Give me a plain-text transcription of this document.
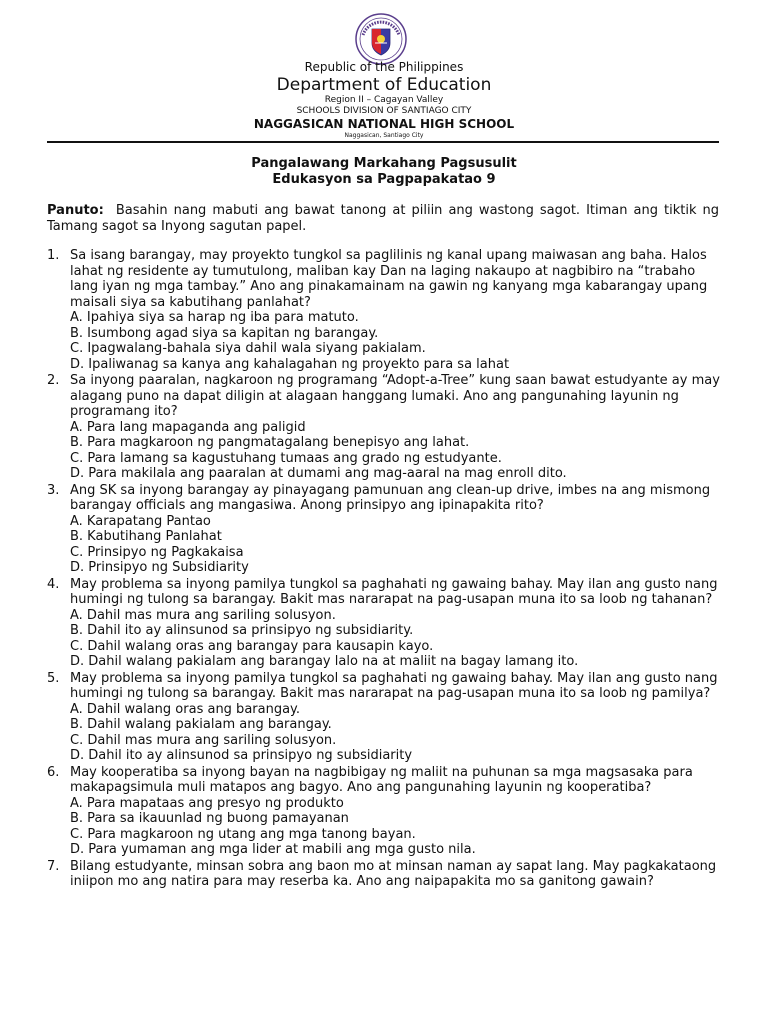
Republic of the Philippines
Department of Education
Region II – Cagayan Valley
SCHOOLS DIVISION OF SANTIAGO CITY
NAGGASICAN NATIONAL HIGH SCHOOL
Naggasican, Santiago City
Pangalawang Markahang Pagsusulit
Edukasyon sa Pagpapakatao 9
Panuto: Basahin nang mabuti ang bawat tanong at piliin ang wastong sagot. Itiman ang tiktik ng Tamang sagot sa Inyong sagutan papel.
1. Sa isang barangay, may proyekto tungkol sa paglilinis ng kanal upang maiwasan ang baha. Halos lahat ng residente ay tumutulong, maliban kay Dan na laging nakaupo at nagbibiro na “trabaho lang iyan ng mga tambay.” Ano ang pinakamainam na gawin ng kanyang mga kabarangay upang maisali siya sa kabutihang panlahat?
A. Ipahiya siya sa harap ng iba para matuto.
B. Isumbong agad siya sa kapitan ng barangay.
C. Ipagwalang-bahala siya dahil wala siyang pakialam.
D. Ipaliwanag sa kanya ang kahalagahan ng proyekto para sa lahat
2. Sa inyong paaralan, nagkaroon ng programang “Adopt-a-Tree” kung saan bawat estudyante ay may alagang puno na dapat diligin at alagaan hanggang lumaki. Ano ang pangunahing layunin ng programang ito?
A. Para lang mapaganda ang paligid
B. Para magkaroon ng pangmatagalang benepisyo ang lahat.
C. Para lamang sa kagustuhang tumaas ang grado ng estudyante.
D. Para makilala ang paaralan at dumami ang mag-aaral na mag enroll dito.
3. Ang SK sa inyong barangay ay pinayagang pamunuan ang clean-up drive, imbes na ang mismong barangay officials ang mangasiwa. Anong prinsipyo ang ipinapakita rito?
A. Karapatang Pantao
B. Kabutihang Panlahat
C. Prinsipyo ng Pagkakaisa
D. Prinsipyo ng Subsidiarity
4. May problema sa inyong pamilya tungkol sa paghahati ng gawaing bahay. May ilan ang gusto nang humingi ng tulong sa barangay. Bakit mas nararapat na pag-usapan muna ito sa loob ng tahanan?
A. Dahil mas mura ang sariling solusyon.
B. Dahil ito ay alinsunod sa prinsipyo ng subsidiarity.
C. Dahil walang oras ang barangay para kausapin kayo.
D. Dahil walang pakialam ang barangay lalo na at maliit na bagay lamang ito.
5. May problema sa inyong pamilya tungkol sa paghahati ng gawaing bahay. May ilan ang gusto nang humingi ng tulong sa barangay. Bakit mas nararapat na pag-usapan muna ito sa loob ng pamilya?
A. Dahil walang oras ang barangay.
B. Dahil walang pakialam ang barangay.
C. Dahil mas mura ang sariling solusyon.
D. Dahil ito ay alinsunod sa prinsipyo ng subsidiarity
6. May kooperatiba sa inyong bayan na nagbibigay ng maliit na puhunan sa mga magsasaka para makapagsimula muli matapos ang bagyo. Ano ang pangunahing layunin ng kooperatiba?
A. Para mapataas ang presyo ng produkto
B. Para sa ikauunlad ng buong pamayanan
C. Para magkaroon ng utang ang mga tanong bayan.
D. Para yumaman ang mga lider at mabili ang mga gusto nila.
7. Bilang estudyante, minsan sobra ang baon mo at minsan naman ay sapat lang. May pagkakataong iniipon mo ang natira para may reserba ka. Ano ang naipapakita mo sa ganitong gawain?
